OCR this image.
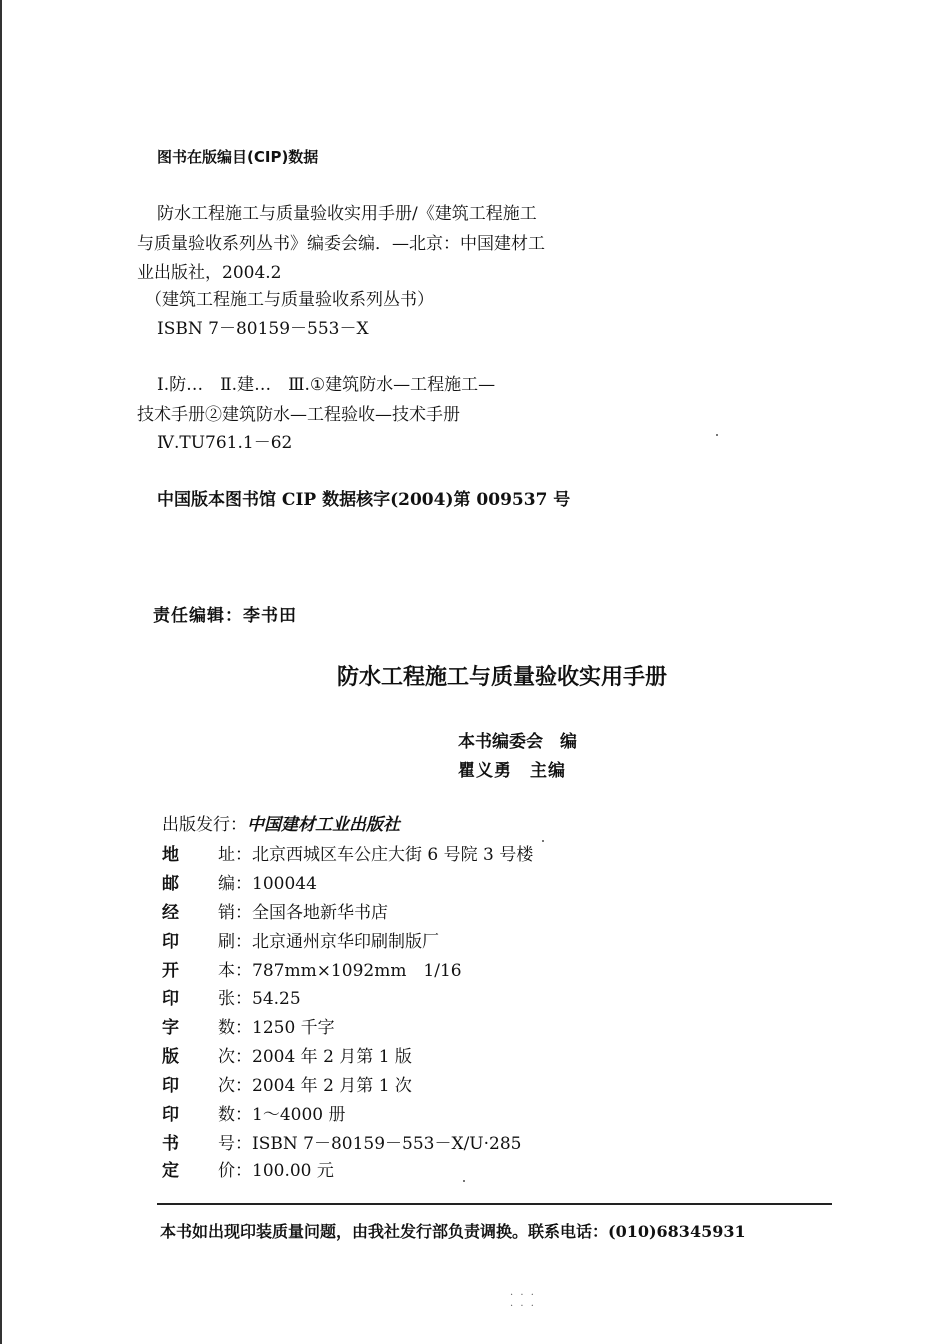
图书在版编目(CIP)数据
防水工程施工与质量验收实用手册/《建筑工程施工
与质量验收系列丛书》编委会编．—北京：中国建材工
业出版社，2004.2
（建筑工程施工与质量验收系列丛书）
ISBN 7－80159－553－X
Ⅰ.防…　Ⅱ.建…　Ⅲ.①建筑防水—工程施工—
技术手册②建筑防水—工程验收—技术手册
Ⅳ.TU761.1－62
中国版本图书馆 CIP 数据核字(2004)第 009537 号
责任编辑：李书田
防水工程施工与质量验收实用手册
本书编委会　编
瞿义勇　主编
出版发行：中国建材工业出版社
地	址：北京西城区车公庄大街 6 号院 3 号楼
邮	编：100044
经	销：全国各地新华书店
印	刷：北京通州京华印刷制版厂
开	本：787mm×1092mm　1/16
印	张：54.25
字	数：1250 千字
版	次：2004 年 2 月第 1 版
印	次：2004 年 2 月第 1 次
印	数：1～4000 册
书	号：ISBN 7－80159－553－X/U·285
定	价：100.00 元
本书如出现印装质量问题，由我社发行部负责调换。联系电话：(010)68345931
· · ·
· · ·
